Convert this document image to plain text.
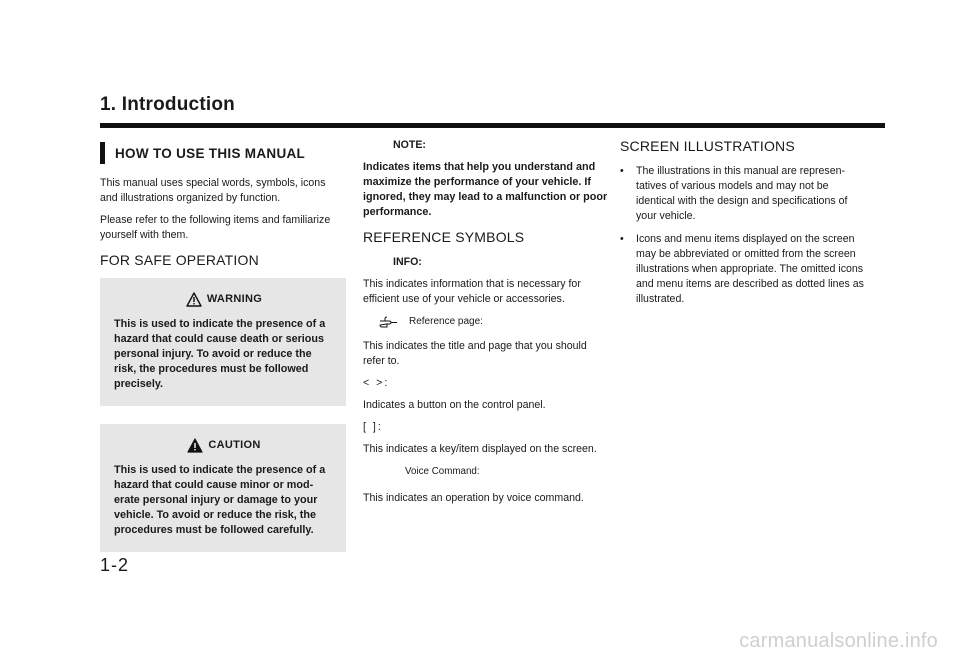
1. Introduction
HOW TO USE THIS MANUAL

This manual uses special words, symbols, icons and illustrations organized by function.

Please refer to the following items and familiarize yourself with them.

FOR SAFE OPERATION
WARNING
This is used to indicate the presence of a hazard that could cause death or serious personal injury. To avoid or reduce the risk, the procedures must be followed precisely.
CAUTION
This is used to indicate the presence of a hazard that could cause minor or mod-erate personal injury or damage to your vehicle. To avoid or reduce the risk, the procedures must be followed carefully.

NOTE:

Indicates items that help you understand and maximize the performance of your vehicle. If ignored, they may lead to a malfunction or poor performance.

REFERENCE SYMBOLS

INFO:

This indicates information that is necessary for efficient use of your vehicle or accessories.

Reference page:

This indicates the title and page that you should refer to.

< >:

Indicates a button on the control panel.

[ ]:

This indicates a key/item displayed on the screen.

Voice Command:

This indicates an operation by voice command.

SCREEN ILLUSTRATIONS
• The illustrations in this manual are represen-tatives of various models and may not be identical with the design and specifications of your vehicle.
• Icons and menu items displayed on the screen may be abbreviated or omitted from the screen illustrations when appropriate. The omitted icons and menu items are described as dotted lines as illustrated.
1-2
carmanualsonline.info
